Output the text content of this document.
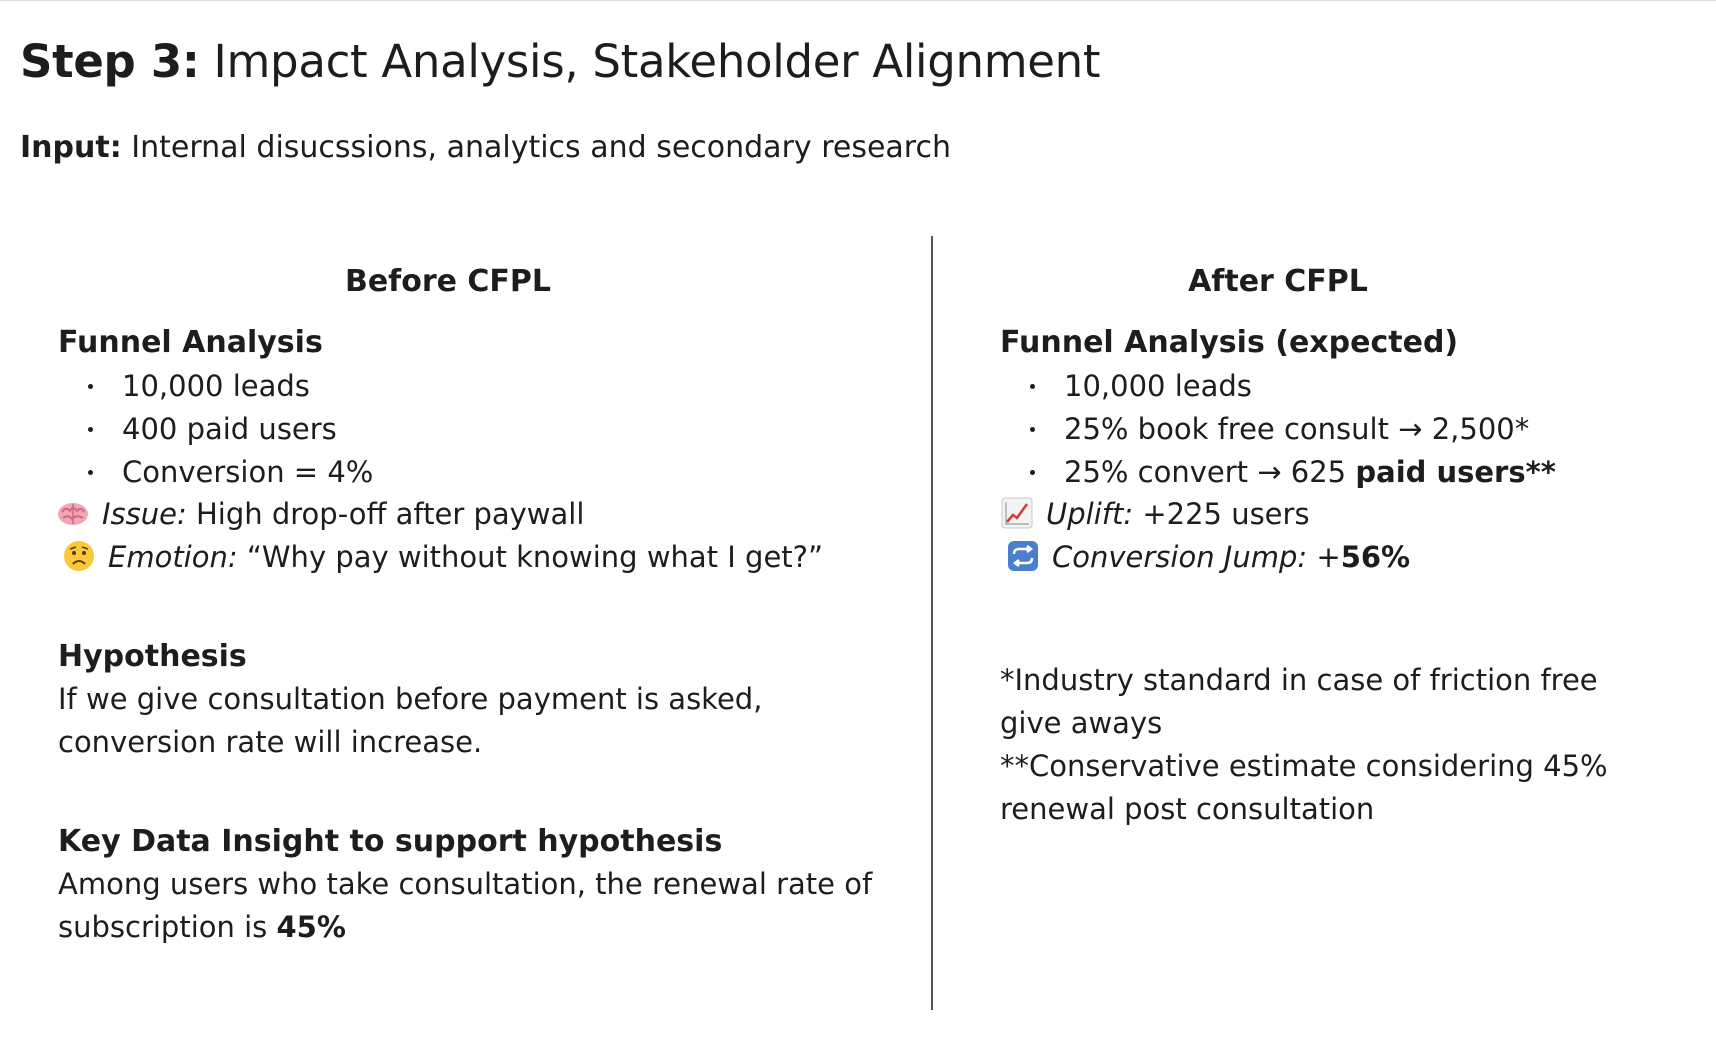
Step 3: Impact Analysis, Stakeholder Alignment
Input: Internal disucssions, analytics and secondary research
Before CFPL
Funnel Analysis
10,000 leads
400 paid users
Conversion = 4%
Issue: High drop-off after paywall
Emotion: “Why pay without knowing what I get?”
Hypothesis
If we give consultation before payment is asked,
conversion rate will increase.
Key Data Insight to support hypothesis
Among users who take consultation, the renewal rate of
subscription is 45%
After CFPL
Funnel Analysis (expected)
10,000 leads
25% book free consult → 2,500*
25% convert → 625 paid users**
Uplift: +225 users
Conversion Jump: +56%
*Industry standard in case of friction free
give aways
**Conservative estimate considering 45%
renewal post consultation
